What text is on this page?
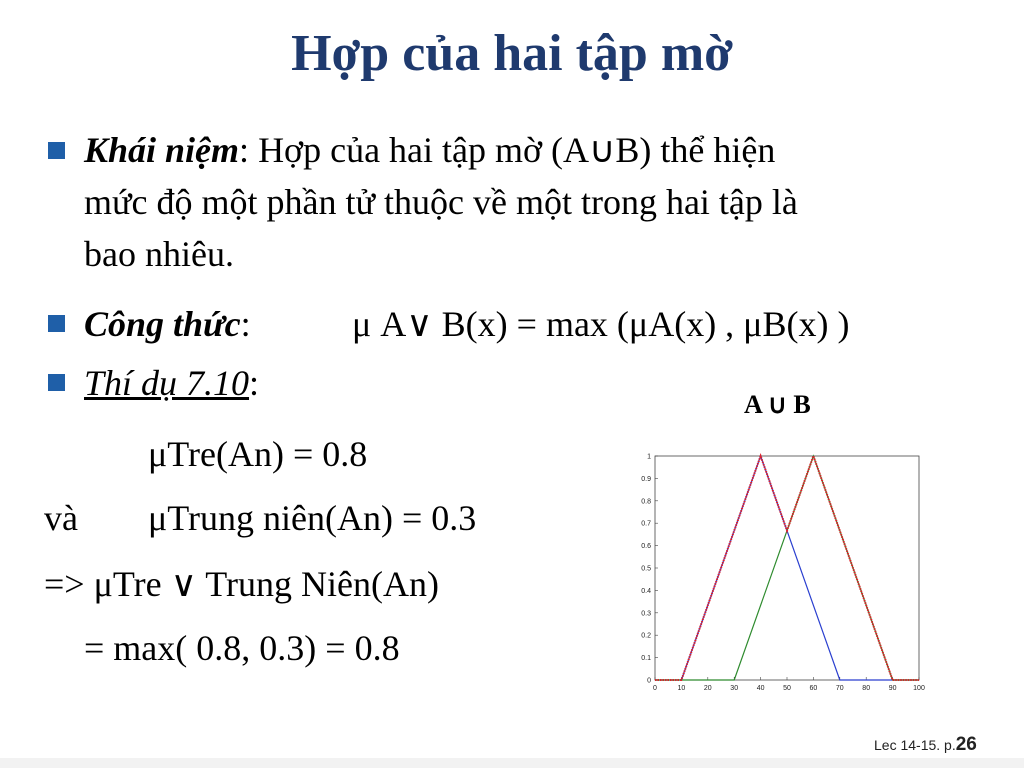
Hợp của hai tập mờ
Khái niệm: Hợp của hai tập mờ (A∪B) thể hiện
mức độ một phần tử thuộc về một trong hai tập là
bao nhiêu.
Công thức:	μ A∨ B(x) = max (μA(x) , μB(x) )
Thí dụ 7.10:
μTre(An) = 0.8
và μTrung niên(An) = 0.3
=> μTre ∨ Trung Niên(An)
= max( 0.8, 0.3) = 0.8
A ∪ B
0	10	20	30	40	50	60	70	80	90 100
0
0.1
0.2
0.3
0.4
0.5
0.6
0.7
0.8
0.9
1
Lec 14-15. p.26
